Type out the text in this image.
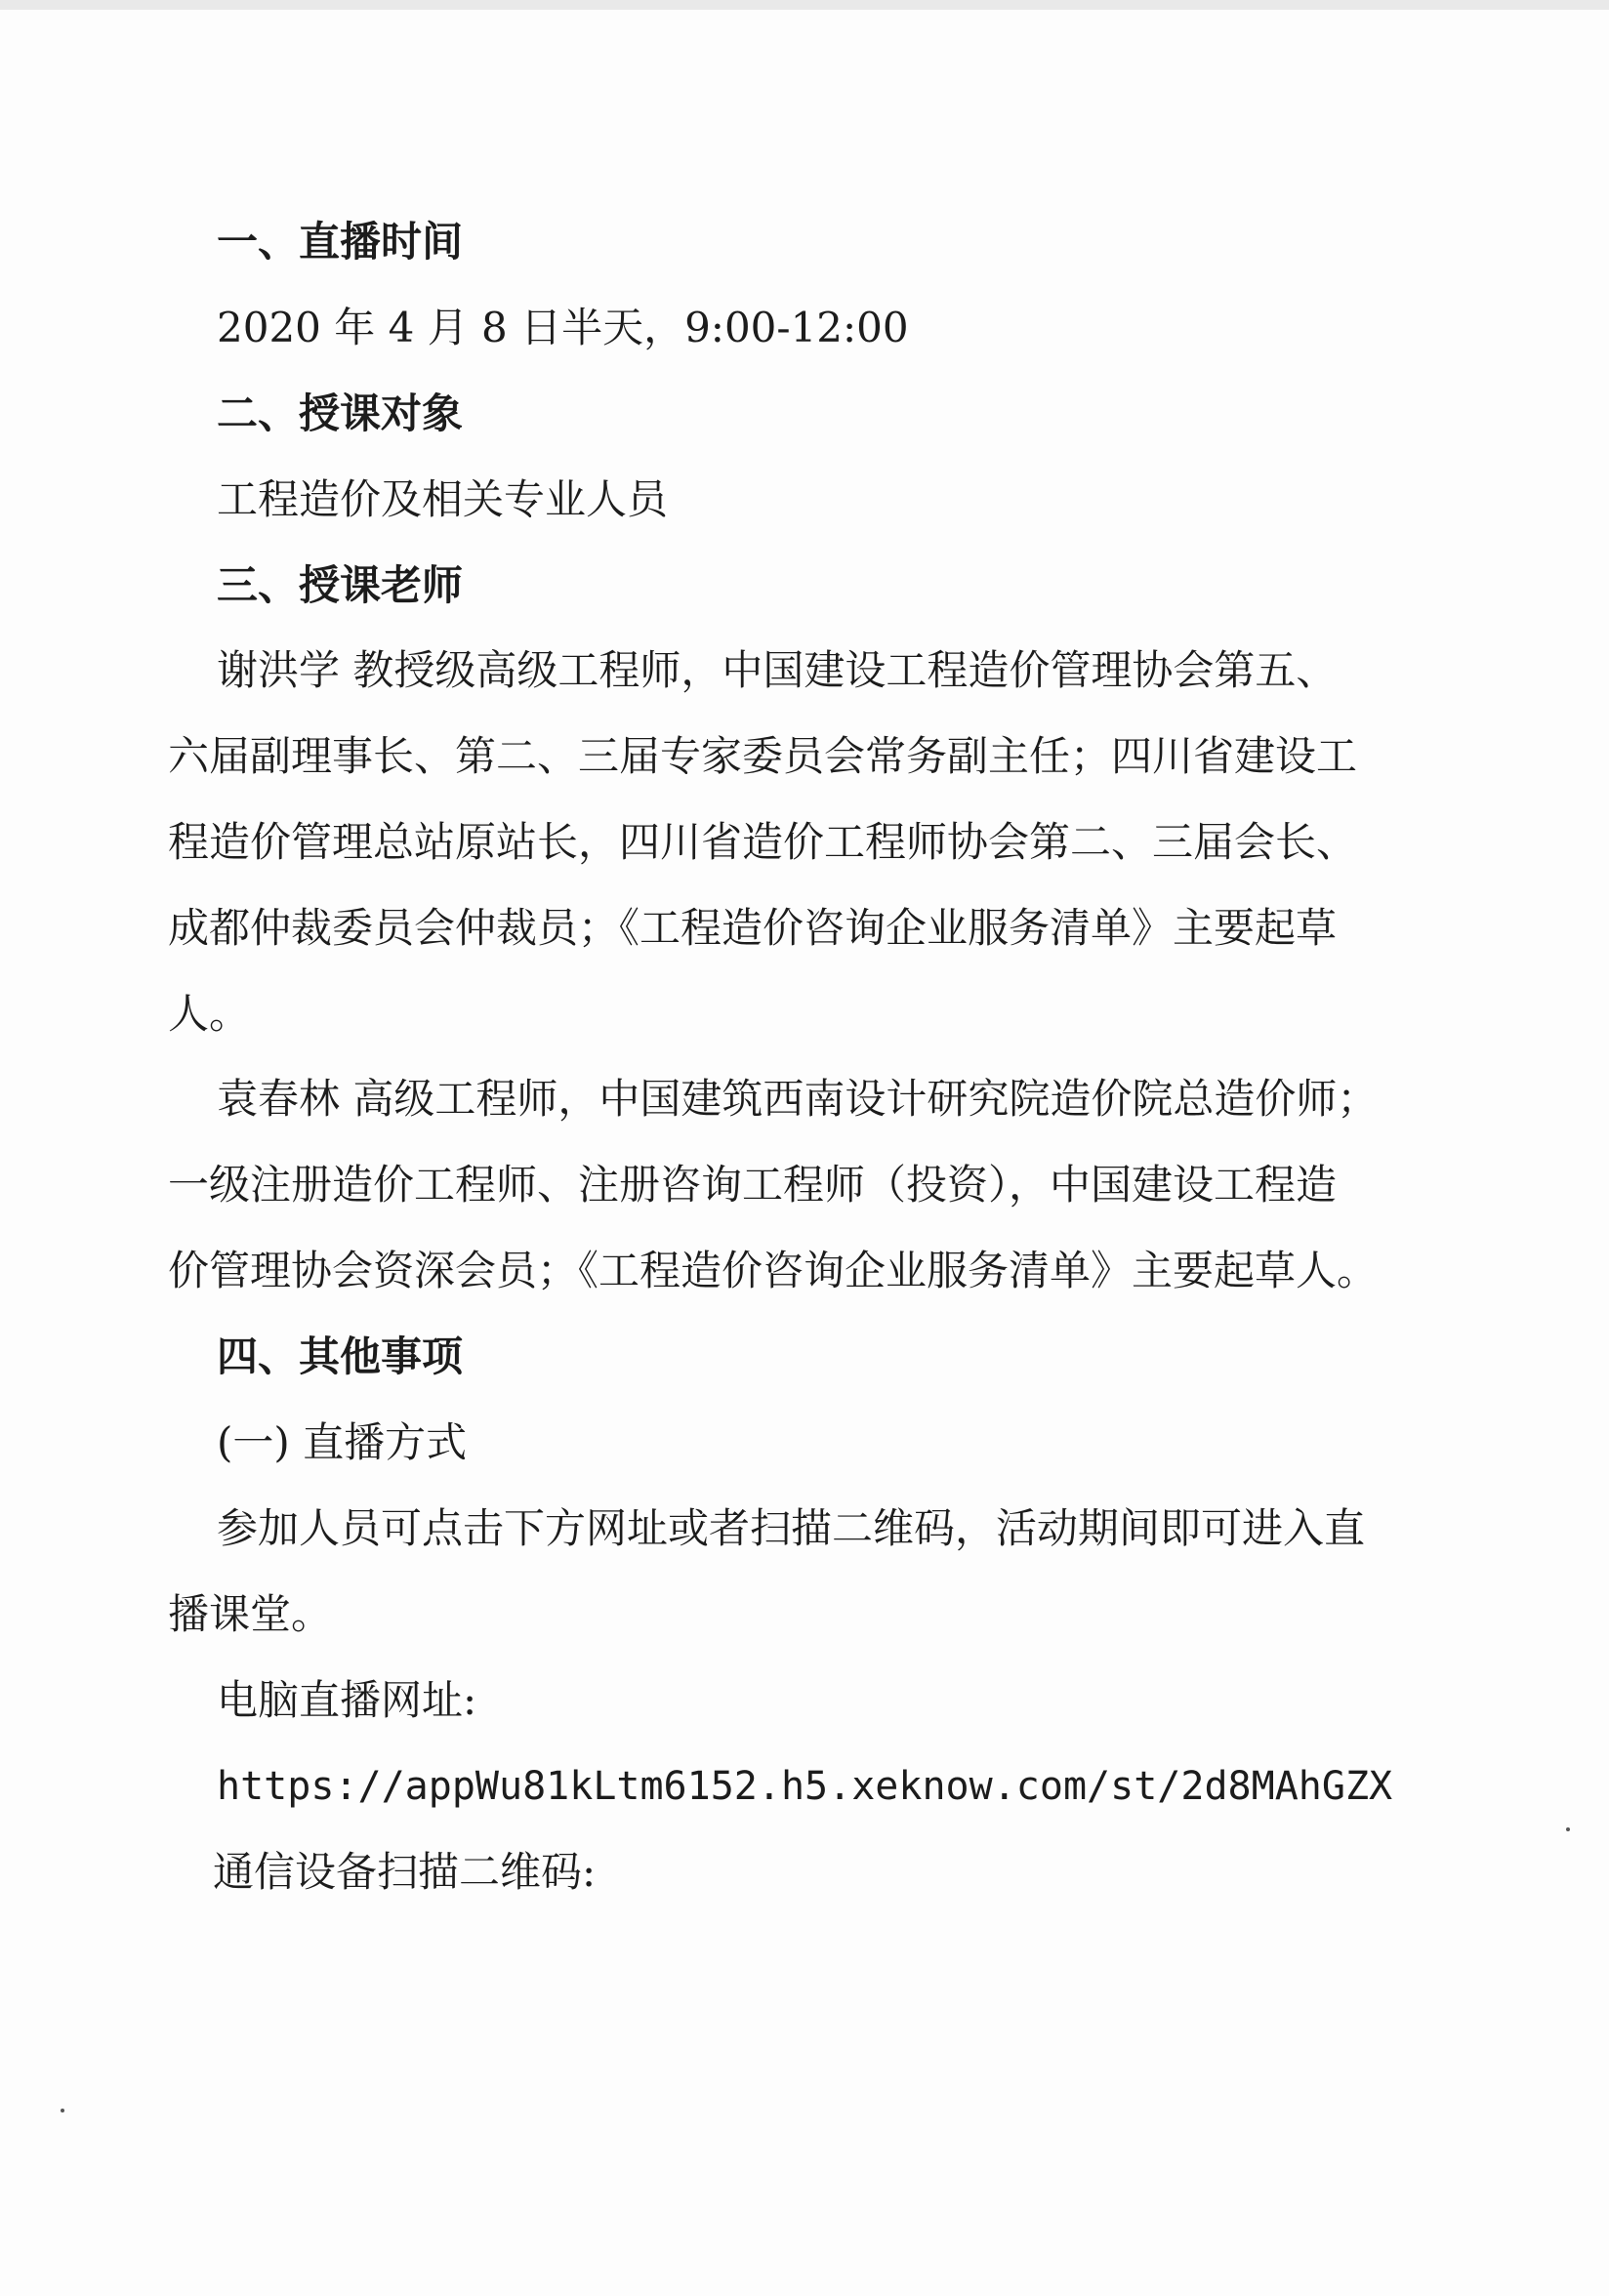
一、直播时间
2020 年 4 月 8 日半天，9:00-12:00
二、授课对象
工程造价及相关专业人员
三、授课老师
谢洪学 教授级高级工程师，中国建设工程造价管理协会第五、
六届副理事长、第二、三届专家委员会常务副主任；四川省建设工
程造价管理总站原站长，四川省造价工程师协会第二、三届会长、
成都仲裁委员会仲裁员；《工程造价咨询企业服务清单》主要起草
人。
袁春林 高级工程师，中国建筑西南设计研究院造价院总造价师；
一级注册造价工程师、注册咨询工程师（投资），中国建设工程造
价管理协会资深会员；《工程造价咨询企业服务清单》主要起草人。
四、其他事项
(一) 直播方式
参加人员可点击下方网址或者扫描二维码，活动期间即可进入直
播课堂。
电脑直播网址:
https://appWu81kLtm6152.h5.xeknow.com/st/2d8MAhGZX
通信设备扫描二维码:
